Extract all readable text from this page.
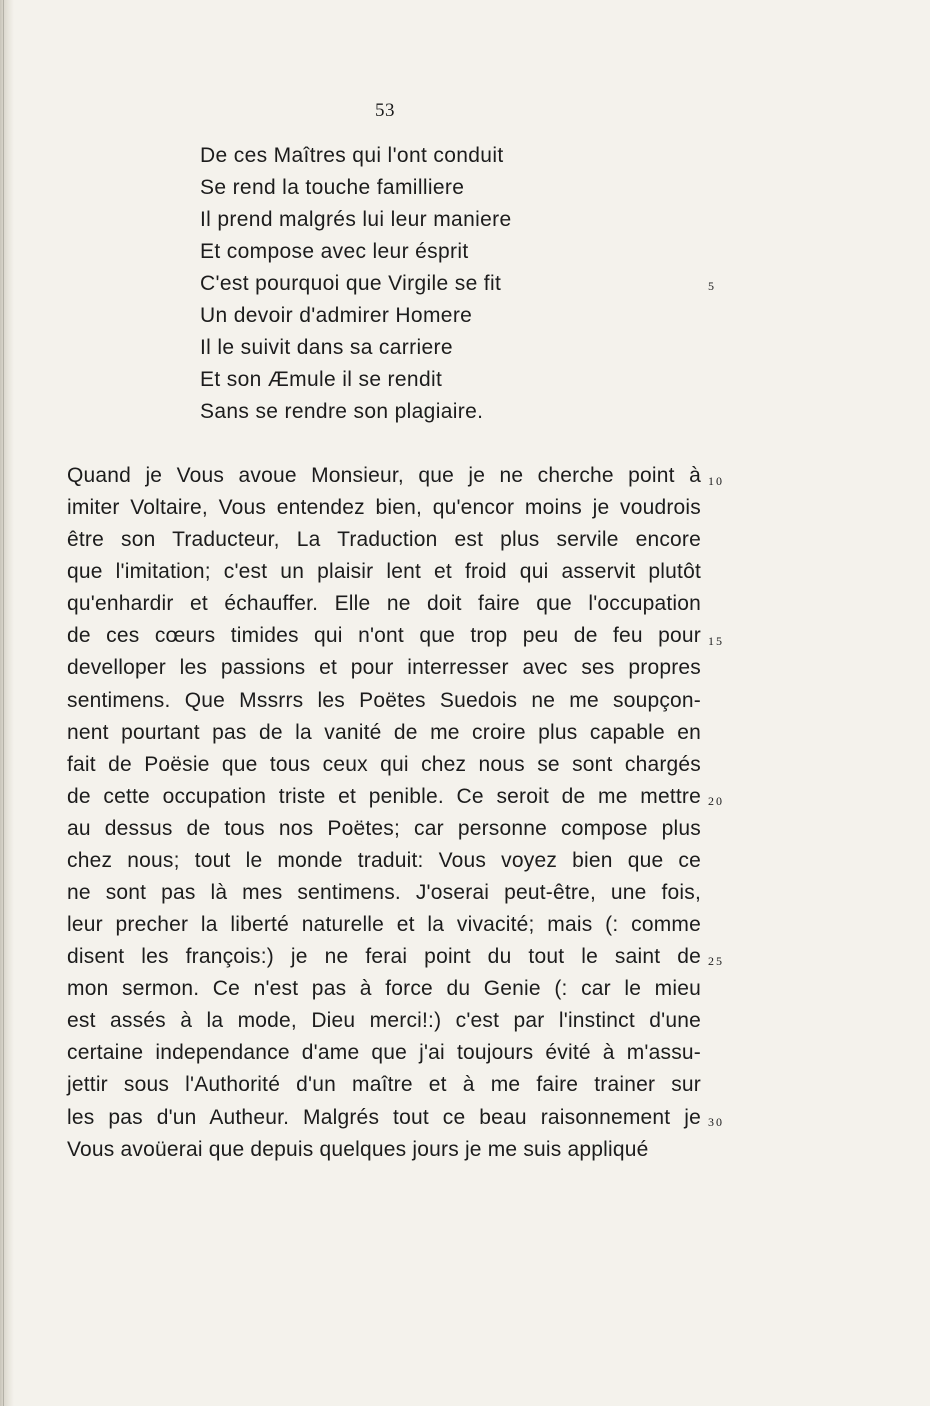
53
De ces Maîtres qui l'ont conduit
Se rend la touche familliere
Il prend malgrés lui leur maniere
Et compose avec leur ésprit
C'est pourquoi que Virgile se fit
Un devoir d'admirer Homere
Il le suivit dans sa carriere
Et son Æmule il se rendit
Sans se rendre son plagiaire.
5
Quand je Vous avoue Monsieur, que je ne cherche point à
imiter Voltaire, Vous entendez bien, qu'encor moins je voudrois
être son Traducteur, La Traduction est plus servile encore
que l'imitation; c'est un plaisir lent et froid qui asservit plutôt
qu'enhardir et échauffer. Elle ne doit faire que l'occupation
de ces cœurs timides qui n'ont que trop peu de feu pour
develloper les passions et pour interresser avec ses propres
sentimens. Que Mssrrs les Poëtes Suedois ne me soupçon-
nent pourtant pas de la vanité de me croire plus capable en
fait de Poësie que tous ceux qui chez nous se sont chargés
de cette occupation triste et penible. Ce seroit de me mettre
au dessus de tous nos Poëtes; car personne compose plus
chez nous; tout le monde traduit: Vous voyez bien que ce
ne sont pas là mes sentimens. J'oserai peut-être, une fois,
leur precher la liberté naturelle et la vivacité; mais (: comme
disent les françois:) je ne ferai point du tout le saint de
mon sermon. Ce n'est pas à force du Genie (: car le mieu
est assés à la mode, Dieu merci!:) c'est par l'instinct d'une
certaine independance d'ame que j'ai toujours évité à m'assu-
jettir sous l'Authorité d'un maître et à me faire trainer sur
les pas d'un Autheur. Malgrés tout ce beau raisonnement je
Vous avoüerai que depuis quelques jours je me suis appliqué
10
15
20
25
30
